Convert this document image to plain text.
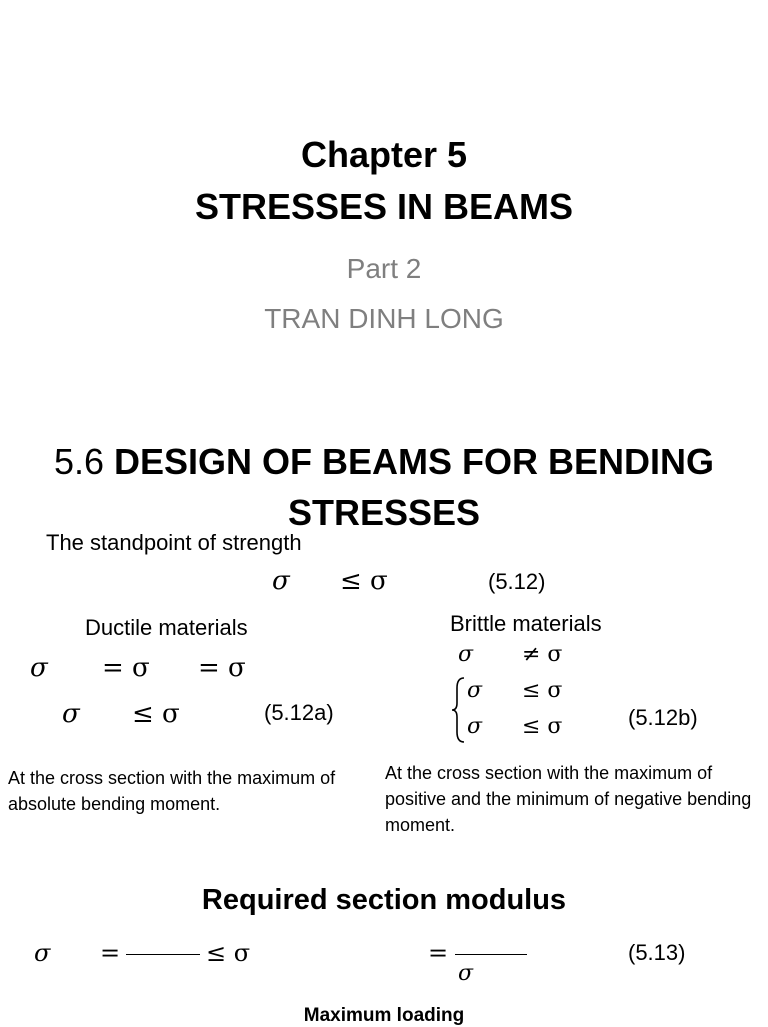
Chapter 5
STRESSES IN BEAMS
Part 2
TRAN DINH LONG
5.6 DESIGN OF BEAMS FOR BENDING
STRESSES
The standpoint of strength
σ ≤ σ	(5.12)
Ductile materials
σ = σ = σ
σ ≤ σ	(5.12a)
At the cross section with the maximum of absolute bending moment.
Brittle materials
σ ≠ σ
σ ≤ σ
σ ≤ σ	(5.12b)
At the cross section with the maximum of positive and the minimum of negative bending moment.
Required section modulus
σ =	≤ σ	=
σ
(5.13)
Maximum loading
